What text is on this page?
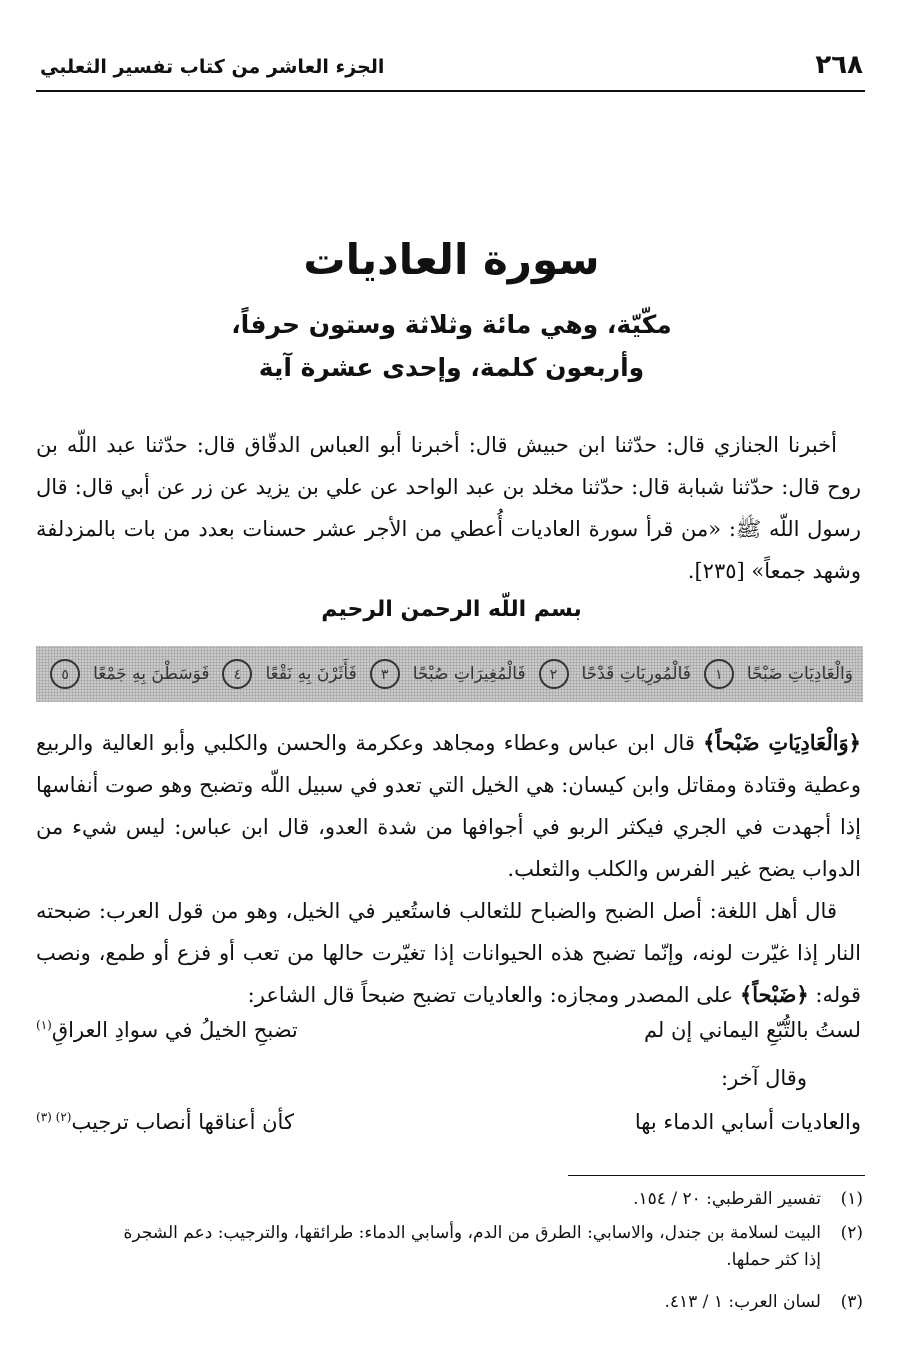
٢٦٨
الجزء العاشر من كتاب تفسير الثعلبي
سورة العاديات
مكّيّة، وهي مائة وثلاثة وستون حرفاً،
وأربعون كلمة، وإحدى عشرة آية
أخبرنا الجنازي قال: حدّثنا ابن حبيش قال: أخبرنا أبو العباس الدقّاق قال: حدّثنا عبد اللّه بن روح قال: حدّثنا شبابة قال: حدّثنا مخلد بن عبد الواحد عن علي بن يزيد عن زر عن أبي قال: قال رسول اللّه ﷺ: «من قرأ سورة العاديات أُعطي من الأجر عشر حسنات بعدد من بات بالمزدلفة وشهد جمعاً» [٢٣٥].
بسم اللّه الرحمن الرحيم
وَالْعَادِيَاتِ ضَبْحًا
١
فَالْمُورِيَاتِ قَدْحًا
٢
فَالْمُغِيرَاتِ صُبْحًا
٣
فَأَثَرْنَ بِهِ نَقْعًا
٤
فَوَسَطْنَ بِهِ جَمْعًا
٥
﴿وَالْعَادِيَاتِ ضَبْحاً﴾ قال ابن عباس وعطاء ومجاهد وعكرمة والحسن والكلبي وأبو العالية والربيع وعطية وقتادة ومقاتل وابن كيسان: هي الخيل التي تعدو في سبيل اللّه وتضبح وهو صوت أنفاسها إذا أجهدت في الجري فيكثر الربو في أجوافها من شدة العدو، قال ابن عباس: ليس شيء من الدواب يضح غير الفرس والكلب والثعلب.
قال أهل اللغة: أصل الضبح والضباح للثعالب فاستُعير في الخيل، وهو من قول العرب: ضبحته النار إذا غيّرت لونه، وإنّما تضبح هذه الحيوانات إذا تغيّرت حالها من تعب أو فزع أو طمع، ونصب قوله: ﴿ضَبْحاً﴾ على المصدر ومجازه: والعاديات تضبح ضبحاً قال الشاعر:
لستُ بالتُّبّعِ اليماني إن لم
تضبحِ الخيلُ في سوادِ العراقِ$^{(١)}$
وقال آخر:
والعاديات أسابي الدماء بها
كأن أعناقها أنصاب ترجيب$^{(٢) (٣)}$
(١)تفسير القرطبي: ٢٠ / ١٥٤.
(٢)البيت لسلامة بن جندل، والاسابي: الطرق من الدم، وأسابي الدماء: طرائقها، والترجيب: دعم الشجرة
إذا كثر حملها.
(٣)لسان العرب: ١ / ٤١٣.
